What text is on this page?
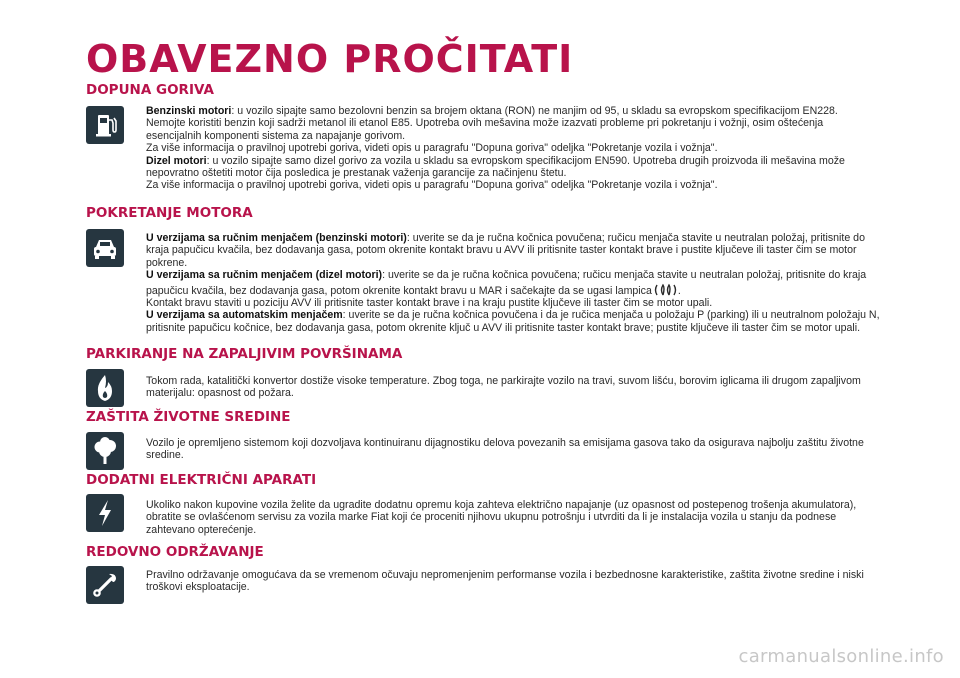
OBAVEZNO PROČITATI
DOPUNA GORIVA

Benzinski motori: u vozilo sipajte samo bezolovni benzin sa brojem oktana (RON) ne manjim od 95, u skladu sa evropskom specifikacijom EN228. Nemojte koristiti benzin koji sadrži metanol ili etanol E85. Upotreba ovih mešavina može izazvati probleme pri pokretanju i vožnji, osim oštećenja esencijalnih komponenti sistema za napajanje gorivom.

Za više informacija o pravilnoj upotrebi goriva, videti opis u paragrafu "Dopuna goriva" odeljka "Pokretanje vozila i vožnja".

Dizel motori: u vozilo sipajte samo dizel gorivo za vozila u skladu sa evropskom specifikacijom EN590. Upotreba drugih proizvoda ili mešavina može nepovratno oštetiti motor čija posledica je prestanak važenja garancije za načinjenu štetu.

Za više informacija o pravilnoj upotrebi goriva, videti opis u paragrafu "Dopuna goriva" odeljka "Pokretanje vozila i vožnja".

POKRETANJE MOTORA

U verzijama sa ručnim menjačem (benzinski motori): uverite se da je ručna kočnica povučena; ručicu menjača stavite u neutralan položaj, pritisnite do kraja papučicu kvačila, bez dodavanja gasa, potom okrenite kontakt bravu u AVV ili pritisnite taster kontakt brave i pustite ključeve ili taster čim se motor pokrene.

U verzijama sa ručnim menjačem (dizel motori): uverite se da je ručna kočnica povučena; ručicu menjača stavite u neutralan položaj, pritisnite do kraja papučicu kvačila, bez dodavanja gasa, potom okrenite kontakt bravu u MAR i sačekajte da se ugasi lampica .

Kontakt bravu staviti u poziciju AVV ili pritisnite taster kontakt brave i na kraju pustite ključeve ili taster čim se motor upali.

U verzijama sa automatskim menjačem: uverite se da je ručna kočnica povučena i da je ručica menjača u položaju P (parking) ili u neutralnom položaju N, pritisnite papučicu kočnice, bez dodavanja gasa, potom okrenite ključ u AVV ili pritisnite taster kontakt brave; pustite ključeve ili taster čim se motor upali.

PARKIRANJE NA ZAPALJIVIM POVRŠINAMA

Tokom rada, katalitički konvertor dostiže visoke temperature. Zbog toga, ne parkirajte vozilo na travi, suvom lišću, borovim iglicama ili drugom zapaljivom materijalu: opasnost od požara.

ZAŠTITA ŽIVOTNE SREDINE

Vozilo je opremljeno sistemom koji dozvoljava kontinuiranu dijagnostiku delova povezanih sa emisijama gasova tako da osigurava najbolju zaštitu životne sredine.

DODATNI ELEKTRIČNI APARATI

Ukoliko nakon kupovine vozila želite da ugradite dodatnu opremu koja zahteva električno napajanje (uz opasnost od postepenog trošenja akumulatora), obratite se ovlašćenom servisu za vozila marke Fiat koji će proceniti njihovu ukupnu potrošnju i utvrditi da li je instalacija vozila u stanju da podnese zahtevano opterećenje.

REDOVNO ODRŽAVANJE

Pravilno održavanje omogućava da se vremenom očuvaju nepromenjenim performanse vozila i bezbednosne karakteristike, zaštita životne sredine i niski troškovi eksploatacije.

carmanualsonline.info
